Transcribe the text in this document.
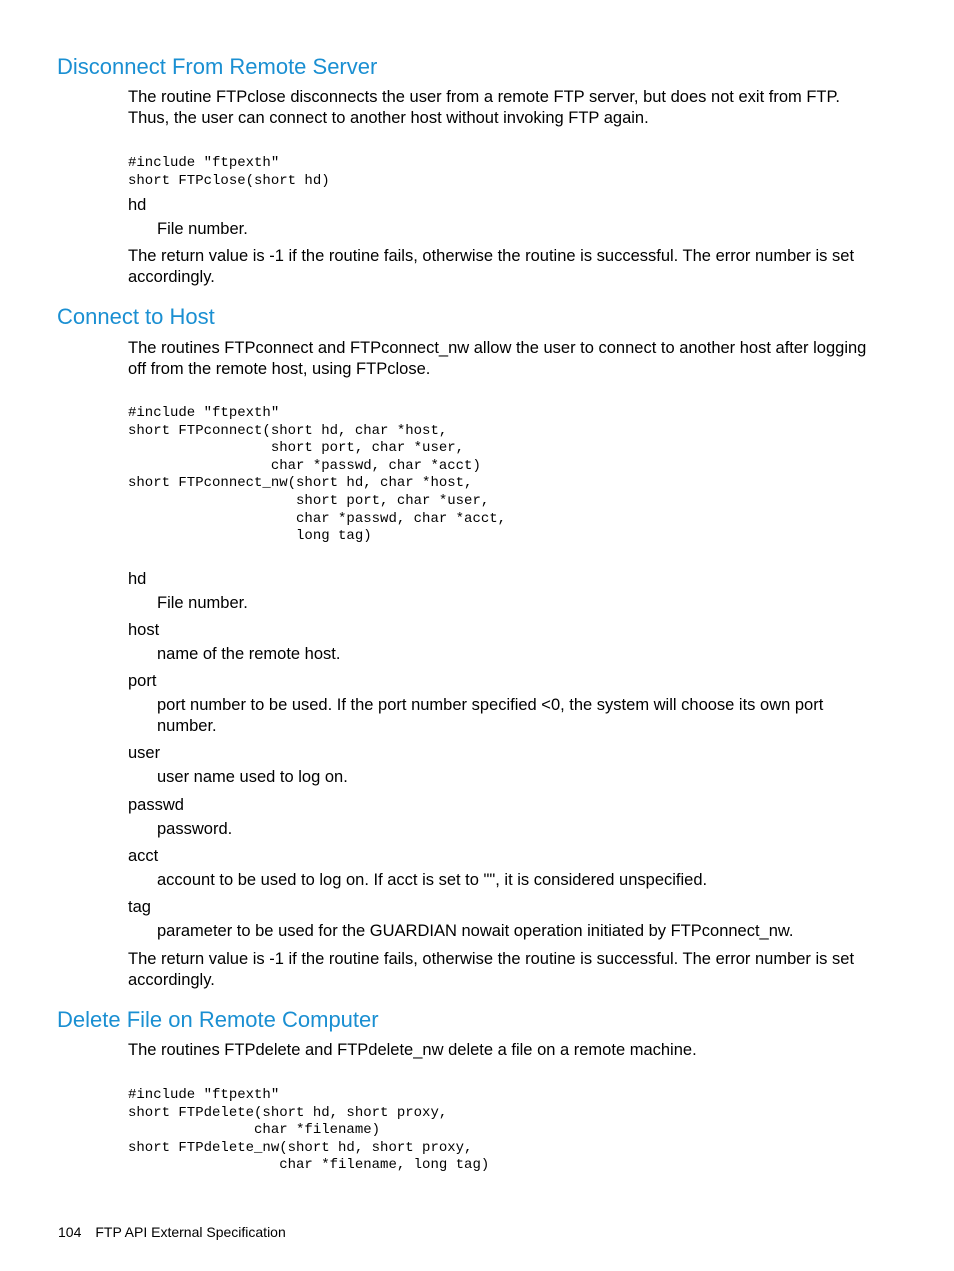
Disconnect From Remote Server

The routine FTPclose disconnects the user from a remote FTP server, but does not exit from FTP. Thus, the user can connect to another host without invoking FTP again.

#include "ftpexth"
short FTPclose(short hd)

hd

File number.

The return value is -1 if the routine fails, otherwise the routine is successful. The error number is set accordingly.

Connect to Host

The routines FTPconnect and FTPconnect_nw allow the user to connect to another host after logging off from the remote host, using FTPclose.

#include "ftpexth"
short FTPconnect(short hd, char *host,
short port, char *user,
char *passwd, char *acct)
short FTPconnect_nw(short hd, char *host,
short port, char *user,
char *passwd, char *acct,
long tag)

hd

File number.

host

name of the remote host.

port

port number to be used. If the port number specified <0, the system will choose its own port number.

user

user name used to log on.

passwd

password.

acct

account to be used to log on. If acct is set to "", it is considered unspecified.

tag

parameter to be used for the GUARDIAN nowait operation initiated by FTPconnect_nw.

The return value is -1 if the routine fails, otherwise the routine is successful. The error number is set accordingly.

Delete File on Remote Computer

The routines FTPdelete and FTPdelete_nw delete a file on a remote machine.

#include "ftpexth"
short FTPdelete(short hd, short proxy,
char *filename)
short FTPdelete_nw(short hd, short proxy,
char *filename, long tag)

104 FTP API External Specification
